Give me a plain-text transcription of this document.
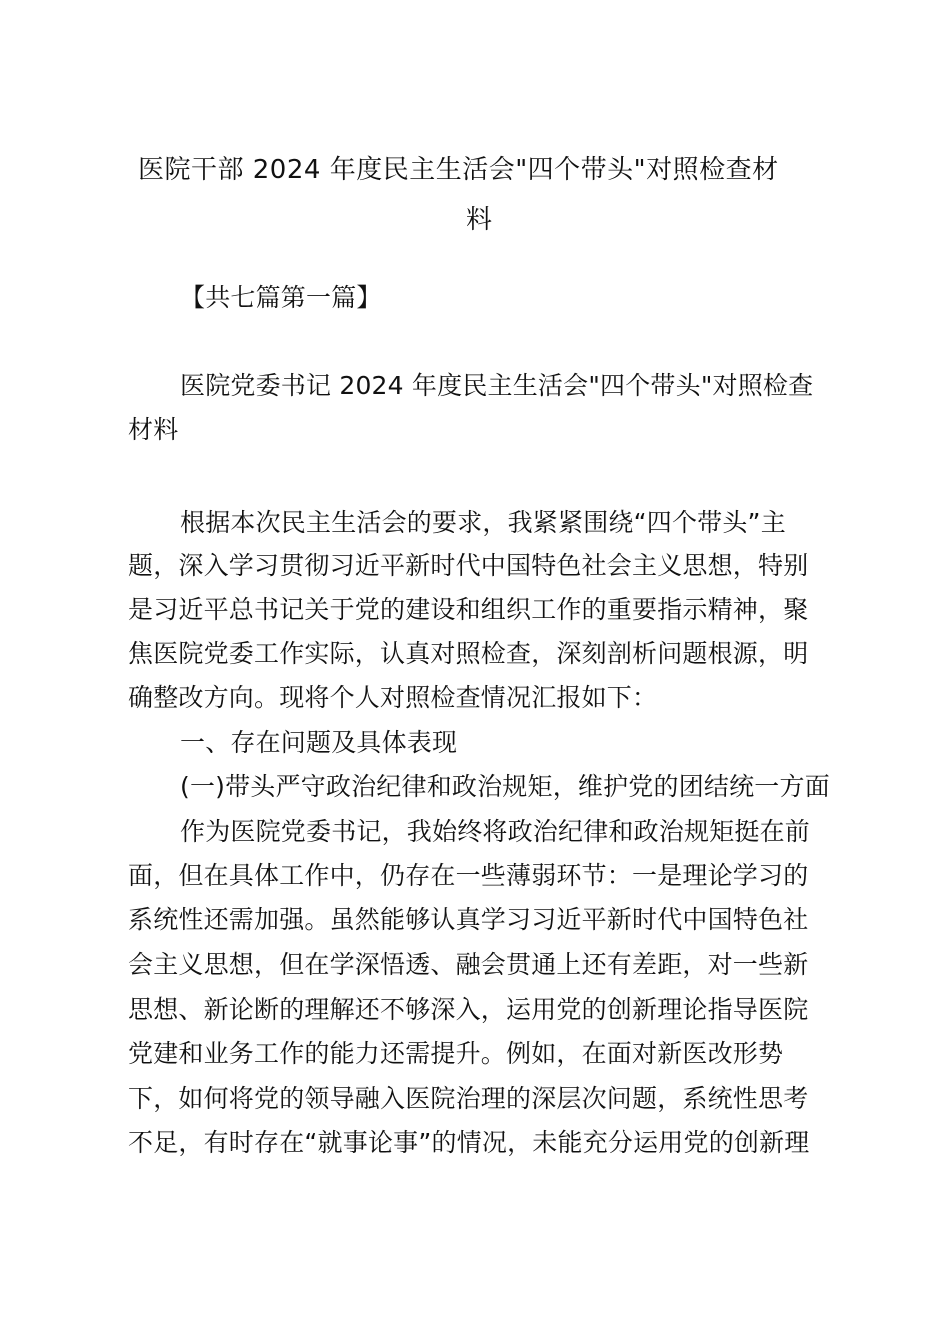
医院干部 2024 年度民主生活会"四个带头"对照检查材
料
【共七篇第一篇】
医院党委书记 2024 年度民主生活会"四个带头"对照检查
材料
根据本次民主生活会的要求，我紧紧围绕“四个带头”主
题，深入学习贯彻习近平新时代中国特色社会主义思想，特别
是习近平总书记关于党的建设和组织工作的重要指示精神，聚
焦医院党委工作实际，认真对照检查，深刻剖析问题根源，明
确整改方向。现将个人对照检查情况汇报如下：
一、存在问题及具体表现
(一)带头严守政治纪律和政治规矩，维护党的团结统一方面
作为医院党委书记，我始终将政治纪律和政治规矩挺在前
面，但在具体工作中，仍存在一些薄弱环节：一是理论学习的
系统性还需加强。虽然能够认真学习习近平新时代中国特色社
会主义思想，但在学深悟透、融会贯通上还有差距，对一些新
思想、新论断的理解还不够深入，运用党的创新理论指导医院
党建和业务工作的能力还需提升。例如，在面对新医改形势
下，如何将党的领导融入医院治理的深层次问题，系统性思考
不足，有时存在“就事论事”的情况，未能充分运用党的创新理
